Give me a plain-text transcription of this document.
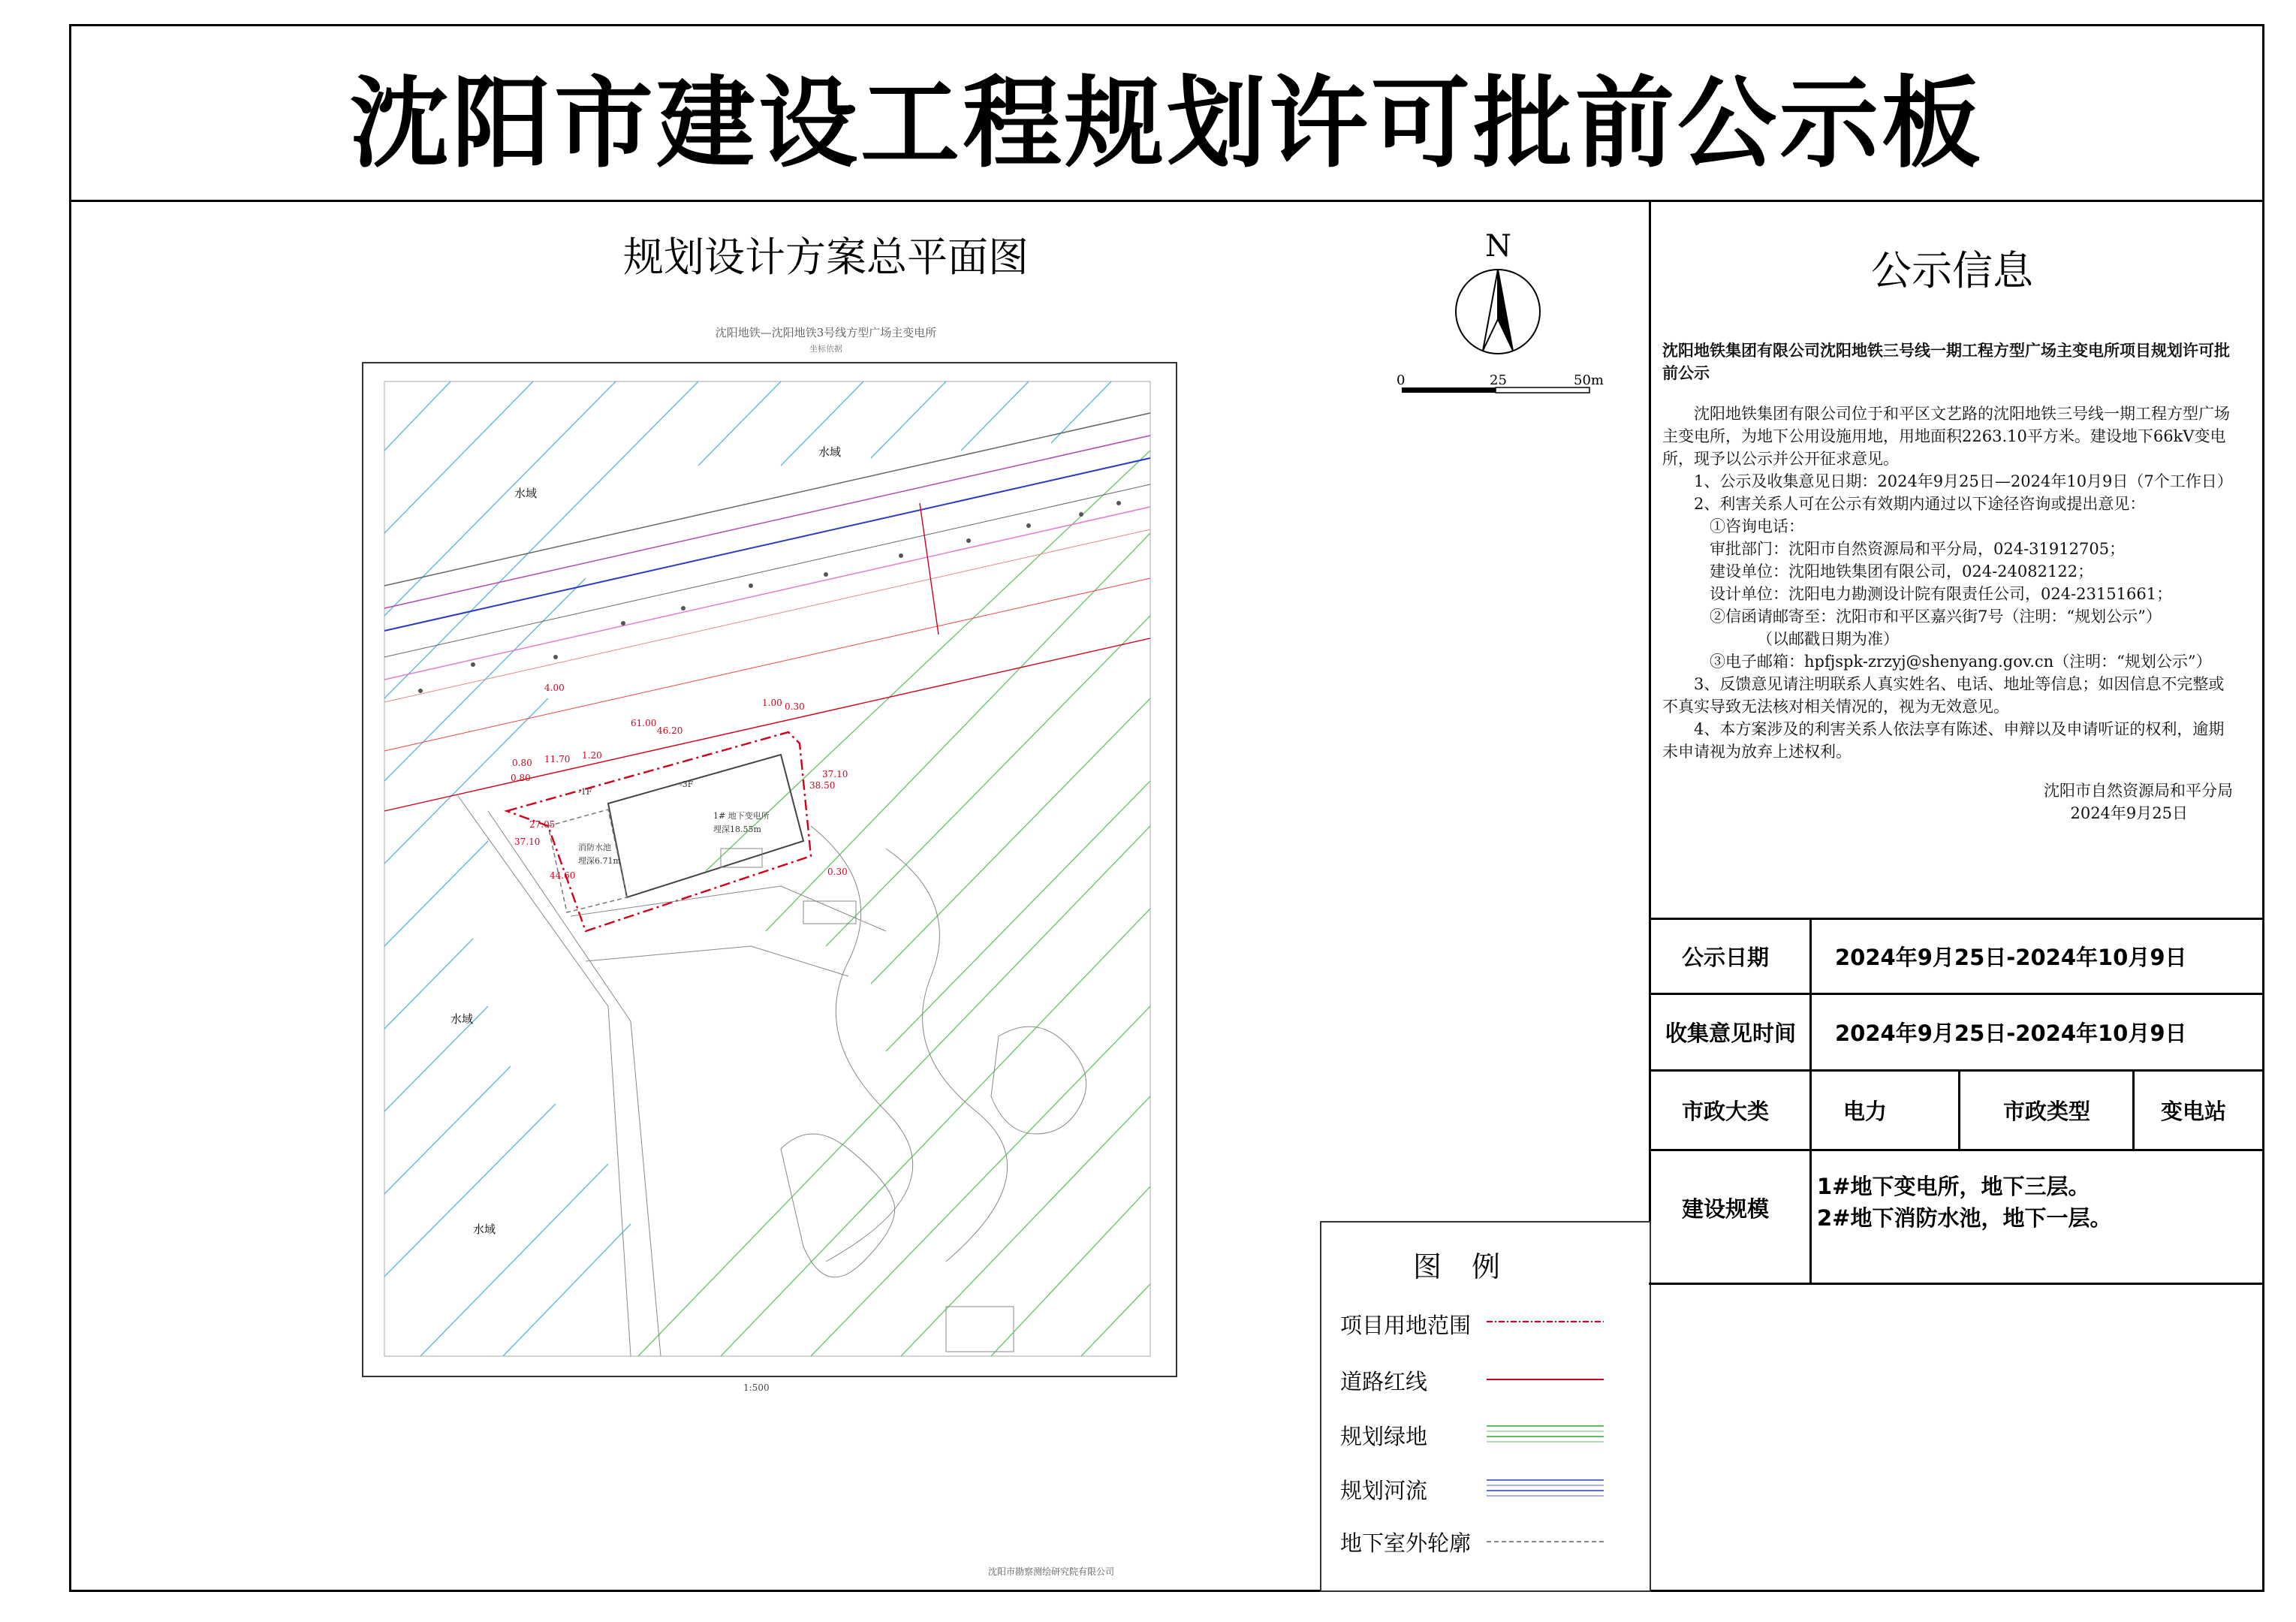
沈阳市建设工程规划许可批前公示板
规划设计方案总平面图
沈阳地铁—沈阳地铁3号线方型广场主变电所
坐标依据
1# 地下变电所
埋深18.55m
消防水池
埋深6.71m
-1F
-3F
61.00
46.20
1.00 0.30
11.70 1.20
0.80
0.80	37.10
38.50
27.05
37.10
44.60	0.30
4.00
水域
水域
水域
水域
1:500
沈阳市勘察测绘研究院有限公司
N
0	25	50m
图例
项目用地范围
道路红线
规划绿地
规划河流
地下室外轮廓
公示信息

沈阳地铁集团有限公司沈阳地铁三号线一期工程方型广场主变电所项目规划许可批前公示

沈阳地铁集团有限公司位于和平区文艺路的沈阳地铁三号线一期工程方型广场主变电所，为地下公用设施用地，用地面积2263.10平方米。建设地下66kV变电所，现予以公示并公开征求意见。

1、公示及收集意见日期：2024年9月25日—2024年10月9日（7个工作日）

2、利害关系人可在公示有效期内通过以下途径咨询或提出意见：

①咨询电话：

审批部门：沈阳市自然资源局和平分局，024-31912705；

建设单位：沈阳地铁集团有限公司，024-24082122；

设计单位：沈阳电力勘测设计院有限责任公司，024-23151661；

②信函请邮寄至：沈阳市和平区嘉兴街7号（注明：“规划公示”）

（以邮戳日期为准）

③电子邮箱：hpfjspk-zrzyj@shenyang.gov.cn（注明：“规划公示”）

3、反馈意见请注明联系人真实姓名、电话、地址等信息；如因信息不完整或不真实导致无法核对相关情况的，视为无效意见。

4、本方案涉及的利害关系人依法享有陈述、申辩以及申请听证的权利，逾期未申请视为放弃上述权利。

沈阳市自然资源局和平分局

2024年9月25日

公示日期	2024年9月25日-2024年10月9日
收集意见时间 2024年9月25日-2024年10月9日
市政大类	电力	市政类型	变电站
建设规模
1#地下变电所，地下三层。
2#地下消防水池，地下一层。
